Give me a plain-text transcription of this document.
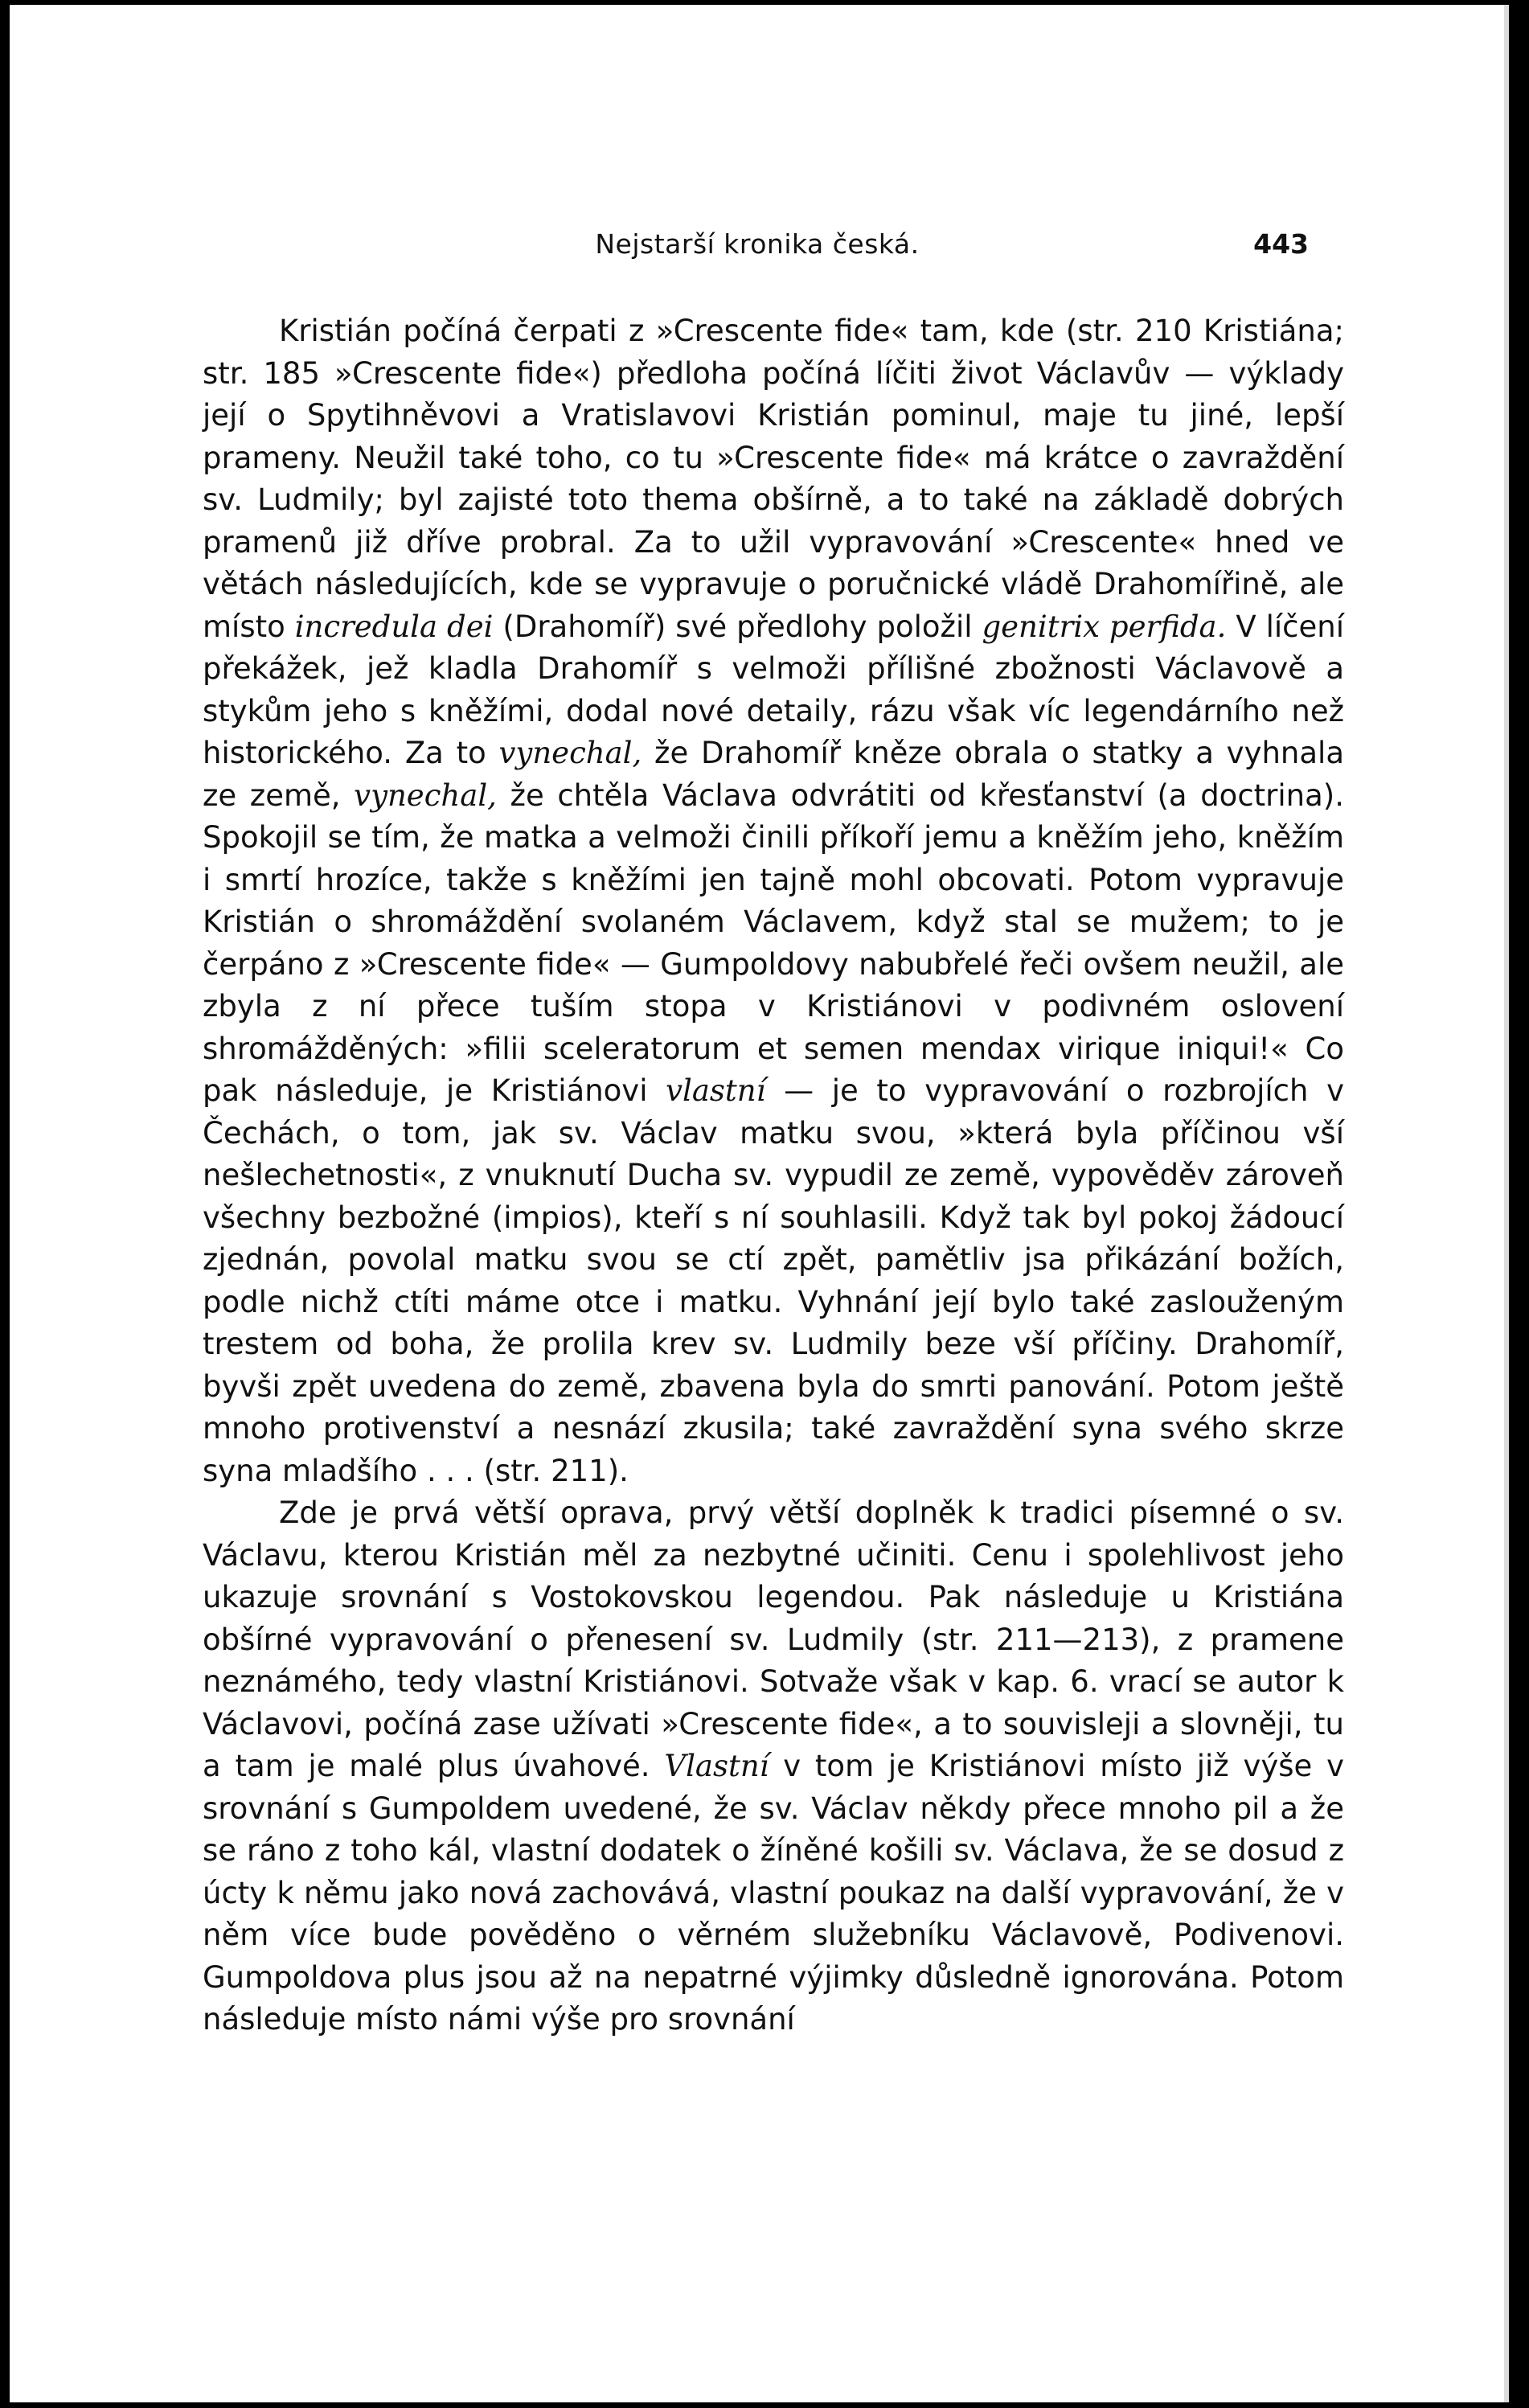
Nejstarší kronika česká.	443

Kristián počíná čerpati z »Crescente fide« tam, kde (str. 210 Kristiána; str. 185 »Crescente fide«) předloha počíná líčiti život Václavův — výklady její o Spytihněvovi a Vratislavovi Kristián pominul, maje tu jiné, lepší prameny. Neužil také toho, co tu »Crescente fide« má krátce o zavraždění sv. Ludmily; byl zajisté toto thema obšírně, a to také na základě dobrých pramenů již dříve probral. Za to užil vypravování »Crescente« hned ve větách následujících, kde se vypravuje o poručnické vládě Drahomířině, ale místo incredula dei (Drahomíř) své předlohy položil genitrix perfida. V líčení překážek, jež kladla Drahomíř s velmoži přílišné zbožnosti Václavově a stykům jeho s kněžími, dodal nové detaily, rázu však víc legendárního než historického. Za to vynechal, že Drahomíř kněze obrala o statky a vyhnala ze země, vynechal, že chtěla Václava odvrátiti od křesťanství (a doctrina). Spokojil se tím, že matka a velmoži činili příkoří jemu a kněžím jeho, kněžím i smrtí hrozíce, takže s kněžími jen tajně mohl obcovati. Potom vypravuje Kristián o shromáždění svolaném Václavem, když stal se mužem; to je čerpáno z »Crescente fide« — Gumpoldovy nabubřelé řeči ovšem neužil, ale zbyla z ní přece tuším stopa v Kristiánovi v podivném oslovení shromážděných: »filii sceleratorum et semen mendax virique iniqui!« Co pak následuje, je Kristiánovi vlastní — je to vypravování o rozbrojích v Čechách, o tom, jak sv. Václav matku svou, »která byla příčinou vší nešlechetnosti«, z vnuknutí Ducha sv. vypudil ze země, vypověděv zároveň všechny bezbožné (impios), kteří s ní souhlasili. Když tak byl pokoj žádoucí zjednán, povolal matku svou se ctí zpět, pamětliv jsa přikázání božích, podle nichž ctíti máme otce i matku. Vyhnání její bylo také zaslouženým trestem od boha, že prolila krev sv. Ludmily beze vší příčiny. Drahomíř, byvši zpět uvedena do země, zbavena byla do smrti panování. Potom ještě mnoho protivenství a nesnází zkusila; také zavraždění syna svého skrze syna mladšího . . . (str. 211).

Zde je prvá větší oprava, prvý větší doplněk k tradici písemné o sv. Václavu, kterou Kristián měl za nezbytné učiniti. Cenu i spolehlivost jeho ukazuje srovnání s Vostokovskou legendou. Pak následuje u Kristiána obšírné vypravování o přenesení sv. Ludmily (str. 211—213), z pramene neznámého, tedy vlastní Kristiánovi. Sotvaže však v kap. 6. vrací se autor k Václavovi, počíná zase užívati »Crescente fide«, a to souvisleji a slovněji, tu a tam je malé plus úvahové. Vlastní v tom je Kristiánovi místo již výše v srovnání s Gumpoldem uvedené, že sv. Václav někdy přece mnoho pil a že se ráno z toho kál, vlastní dodatek o žíněné košili sv. Václava, že se dosud z úcty k němu jako nová zachovává, vlastní poukaz na další vypravování, že v něm více bude pověděno o věrném služebníku Václavově, Podivenovi. Gumpoldova plus jsou až na nepatrné výjimky důsledně ignorována. Potom následuje místo námi výše pro srovnání
